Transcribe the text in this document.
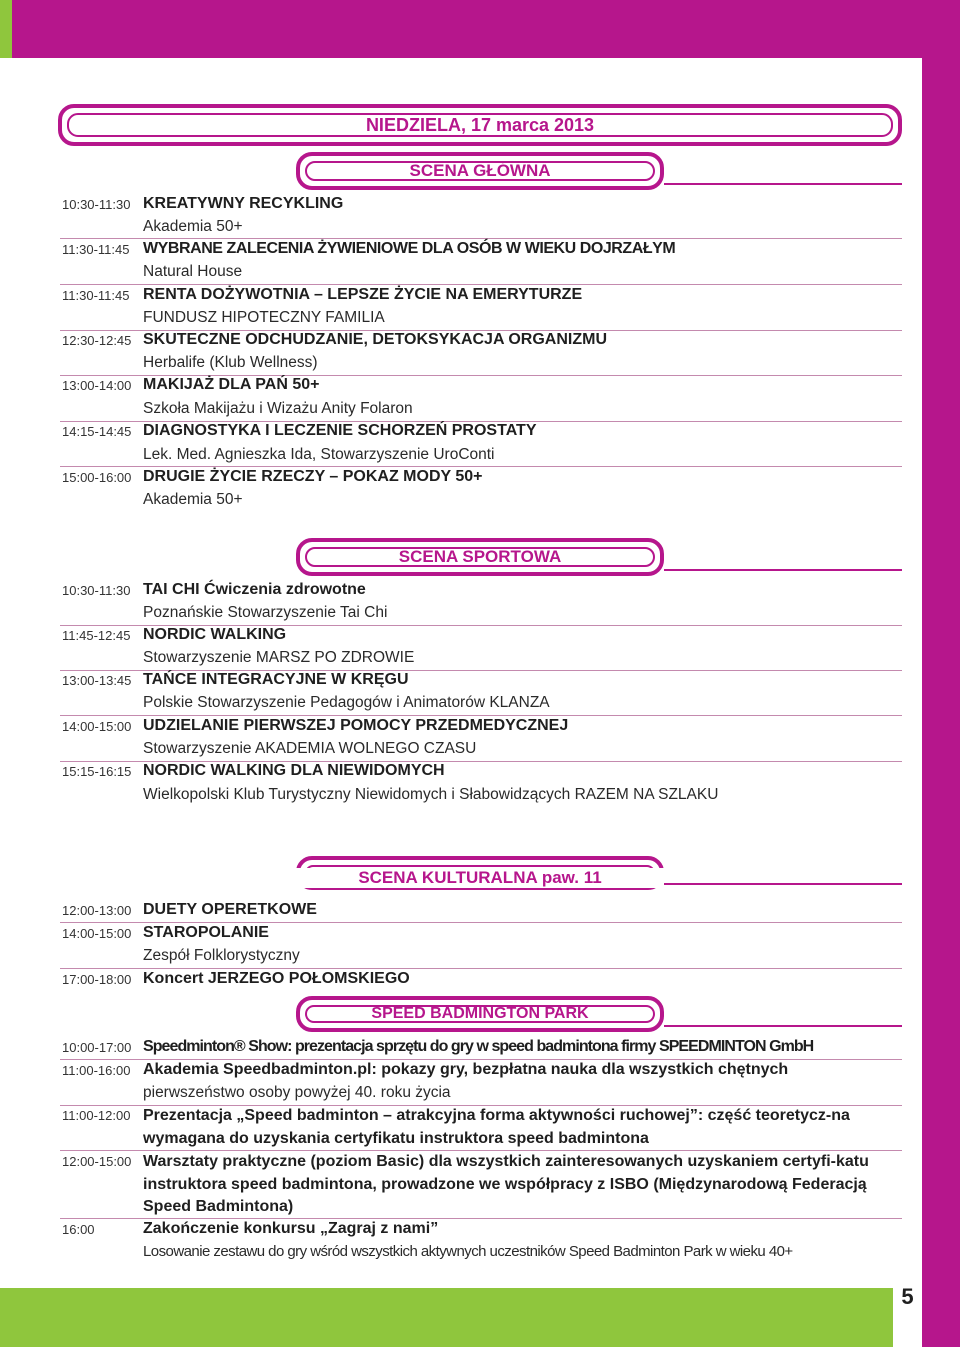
5
NIEDZIELA, 17 marca 2013
SCENA GŁÓWNA
10:30-11:30 KREATYWNY RECYKLING
Akademia 50+
11:30-11:45 WYBRANE ZALECENIA ŻYWIENIOWE DLA OSÓB W WIEKU DOJRZAŁYM
Natural House
11:30-11:45 RENTA DOŻYWOTNIA – LEPSZE ŻYCIE NA EMERYTURZE
FUNDUSZ HIPOTECZNY FAMILIA
12:30-12:45 SKUTECZNE ODCHUDZANIE, DETOKSYKACJA ORGANIZMU
Herbalife (Klub Wellness)
13:00-14:00 MAKIJAŻ DLA PAŃ 50+
Szkoła Makijażu i Wizażu Anity Folaron
14:15-14:45 DIAGNOSTYKA I LECZENIE SCHORZEŃ PROSTATY
Lek. Med. Agnieszka Ida, Stowarzyszenie UroConti
15:00-16:00 DRUGIE ŻYCIE RZECZY – POKAZ MODY 50+
Akademia 50+
SCENA SPORTOWA
10:30-11:30 TAI CHI Ćwiczenia zdrowotne
Poznańskie Stowarzyszenie Tai Chi
11:45-12:45 NORDIC WALKING
Stowarzyszenie MARSZ PO ZDROWIE
13:00-13:45 TAŃCE INTEGRACYJNE W KRĘGU
Polskie Stowarzyszenie Pedagogów i Animatorów KLANZA
14:00-15:00 UDZIELANIE PIERWSZEJ POMOCY PRZEDMEDYCZNEJ
Stowarzyszenie AKADEMIA WOLNEGO CZASU
15:15-16:15 NORDIC WALKING DLA NIEWIDOMYCH
Wielkopolski Klub Turystyczny Niewidomych i Słabowidzących RAZEM NA SZLAKU
SCENA KULTURALNA paw. 11
12:00-13:00 DUETY OPERETKOWE
14:00-15:00 STAROPOLANIE
Zespół Folklorystyczny
17:00-18:00 Koncert JERZEGO POŁOMSKIEGO
SPEED BADMINGTON PARK
10:00-17:00 Speedminton® Show: prezentacja sprzętu do gry w speed badmintona firmy SPEEDMINTON GmbH
11:00-16:00 Akademia Speedbadminton.pl: pokazy gry, bezpłatna nauka dla wszystkich chętnych
pierwszeństwo osoby powyżej 40. roku życia
11:00-12:00 Prezentacja „Speed badminton – atrakcyjna forma aktywności ruchowej”: część teoretycz-na wymagana do uzyskania certyfikatu instruktora speed badmintona
12:00-15:00 Warsztaty praktyczne (poziom Basic) dla wszystkich zainteresowanych uzyskaniem certyfi-katu instruktora speed badmintona, prowadzone we współpracy z ISBO (Międzynarodową Federacją Speed Badmintona)
16:00	Zakończenie konkursu „Zagraj z nami”
Losowanie zestawu do gry wśród wszystkich aktywnych uczestników Speed Badminton Park w wieku 40+
